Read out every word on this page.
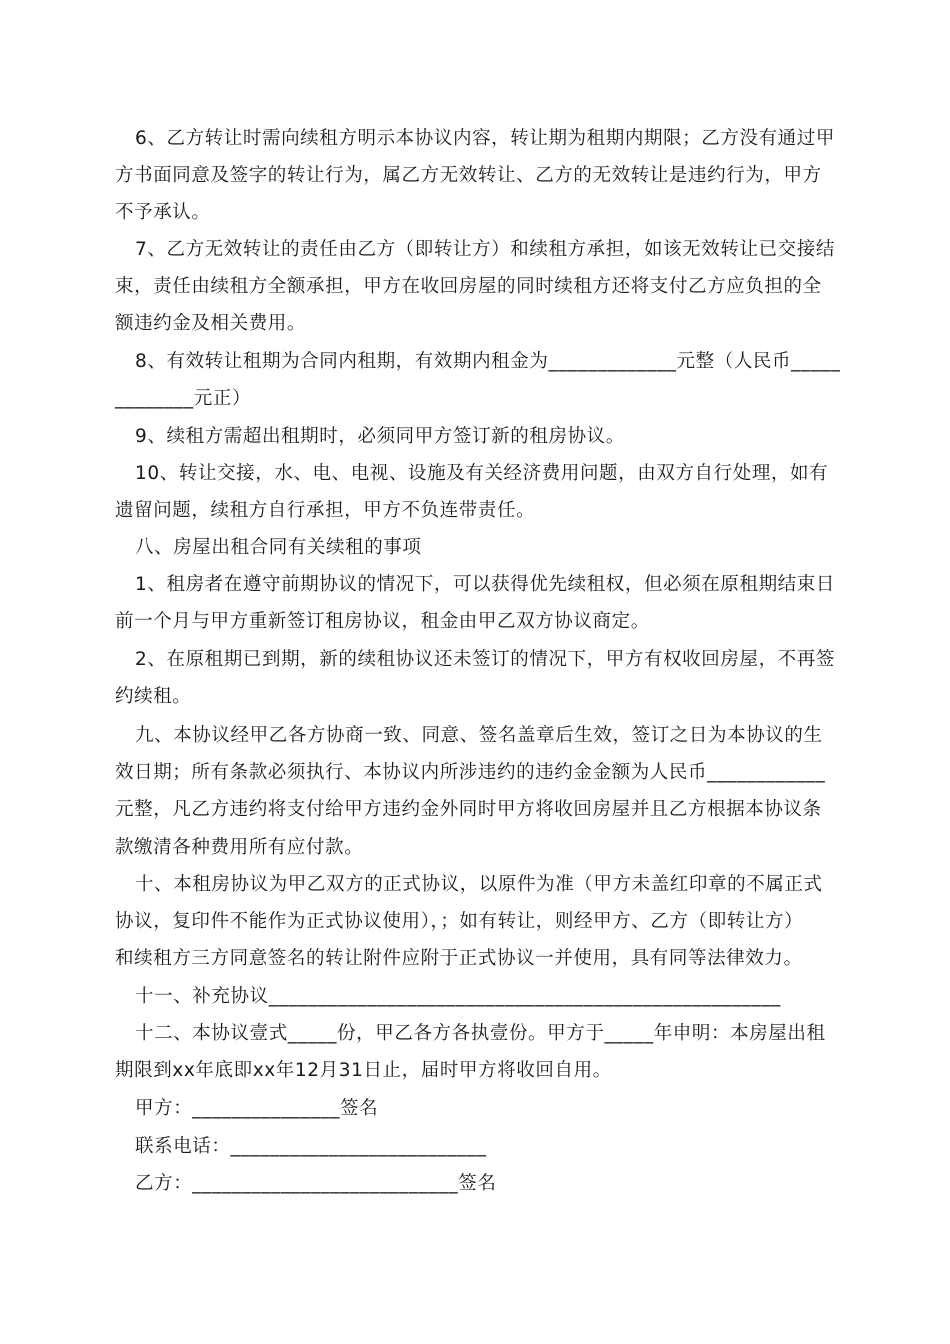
6、乙方转让时需向续租方明示本协议内容，转让期为租期内期限；乙方没有通过甲
方书面同意及签字的转让行为，属乙方无效转让、乙方的无效转让是违约行为，甲方
不予承认。
7、乙方无效转让的责任由乙方（即转让方）和续租方承担，如该无效转让已交接结
束，责任由续租方全额承担，甲方在收回房屋的同时续租方还将支付乙方应负担的全
额违约金及相关费用。
8、有效转让租期为合同内租期，有效期内租金为_____________元整（人民币_____
________元正）
9、续租方需超出租期时，必须同甲方签订新的租房协议。
10、转让交接，水、电、电视、设施及有关经济费用问题，由双方自行处理，如有
遗留问题，续租方自行承担，甲方不负连带责任。
八、房屋出租合同有关续租的事项
1、租房者在遵守前期协议的情况下，可以获得优先续租权，但必须在原租期结束日
前一个月与甲方重新签订租房协议，租金由甲乙双方协议商定。
2、在原租期已到期，新的续租协议还未签订的情况下，甲方有权收回房屋，不再签
约续租。
九、本协议经甲乙各方协商一致、同意、签名盖章后生效，签订之日为本协议的生
效日期；所有条款必须执行、本协议内所涉违约的违约金金额为人民币____________
元整，凡乙方违约将支付给甲方违约金外同时甲方将收回房屋并且乙方根据本协议条
款缴清各种费用所有应付款。
十、本租房协议为甲乙双方的正式协议，以原件为准（甲方未盖红印章的不属正式
协议，复印件不能作为正式协议使用），；如有转让，则经甲方、乙方（即转让方）
和续租方三方同意签名的转让附件应附于正式协议一并使用，具有同等法律效力。
十一、补充协议____________________________________________________
十二、本协议壹式_____份，甲乙各方各执壹份。甲方于_____年申明：本房屋出租
期限到xx年底即xx年12月31日止，届时甲方将收回自用。
甲方：_______________签名
联系电话：__________________________
乙方：___________________________签名
